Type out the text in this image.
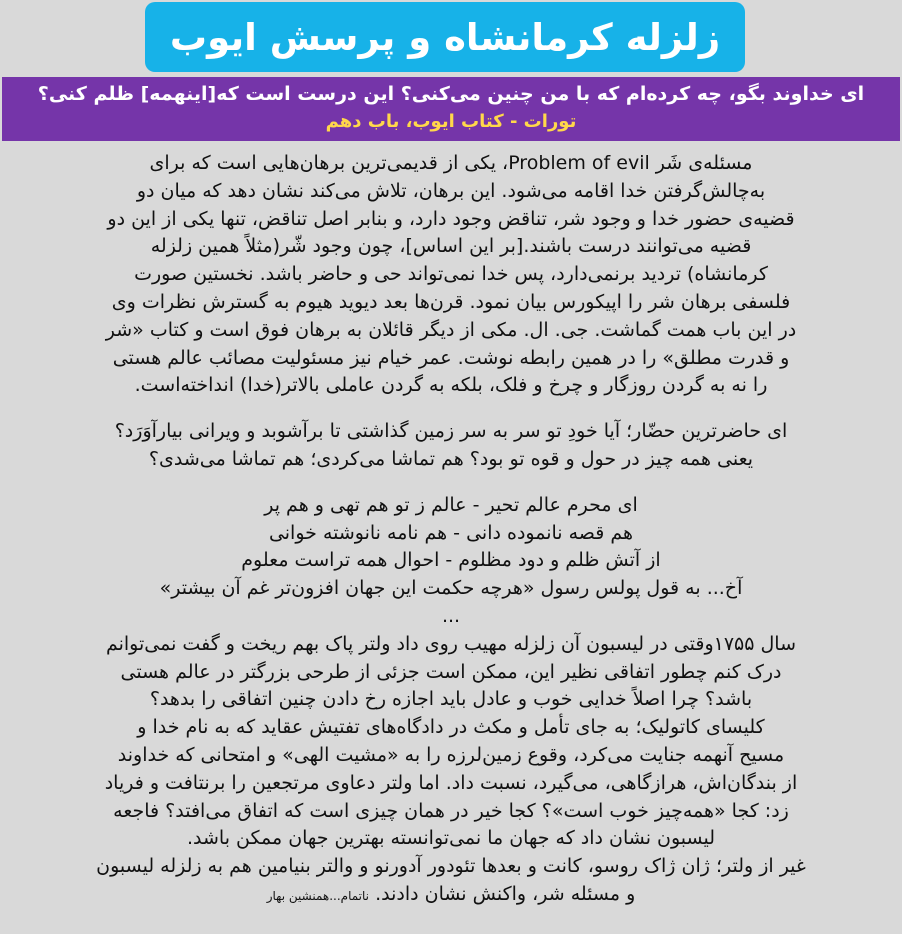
زلزله کرمانشاه و پرسش ایوب
ای خداوند بگو، چه کرده‌ام که با من چنین می‌کنی؟ این درست است که[اینهمه] ظلم کنی؟
تورات - کتاب ایوب، باب دهم

مسئله‌ی شَر Problem of evil، یکی از قدیمی‌ترین برهان‌هایی است که برای

به‌چالش‌گرفتن خدا اقامه می‌شود. این برهان، تلاش می‌کند نشان دهد که میان دو

قضیه‌ی حضور خدا و وجود شر، تناقض وجود دارد، و بنابر اصل تناقض، تنها یکی از این دو

قضیه می‌توانند درست باشند.[بر این اساس]، چون وجود شّر(مثلاً همین زلزله

کرمانشاه) تردید برنمی‌دارد، پس خدا نمی‌تواند حی و حاضر باشد. نخستین صورت

فلسفی برهان شر را اپیکورس بیان نمود. قرن‌ها بعد دیوید هیوم به گسترش نظرات وی

در این باب همت گماشت. جی. ال. مکی از دیگر قائلان به برهان فوق است و کتاب «شر

و قدرت مطلق» را در همین رابطه نوشت. عمر خیام نیز مسئولیت مصائب عالم هستی

را نه به گردن روزگار و چرخ و فلک، بلکه به گردن عاملی بالاتر(خدا) انداخته‌است.

ای حاضرترین حضّار؛ آیا خودِ تو سر به سر زمین گذاشتی تا برآشوبد و ویرانی بیارآوَرَد؟

یعنی همه چیز در حول و قوه تو بود؟ هم تماشا می‌کردی؛ هم تماشا می‌شدی؟

ای محرم عالم تحیر - عالم ز تو هم تهی و هم پر

هم قصه نانموده دانی - هم نامه نانوشته خوانی

از آتش ظلم و دود مظلوم - احوال همه تراست معلوم

آخ... به قول پولس رسول «هرچه حکمت این جهان افزون‌تر غم آن بیشتر»

...

سال ۱۷۵۵وقتی در لیسبون آن زلزله مهیب روی داد ولتر پاک بهم ریخت و گفت نمی‌توانم

درک کنم چطور اتفاقی نظیر این، ممکن است جزئی از طرحی بزرگتر در عالم هستی

باشد؟ چرا اصلاً خدایی خوب و عادل باید اجازه رخ دادن چنین اتفاقی را بدهد؟

کلیسای کاتولیک؛ به جای تأمل و مکث در دادگاه‌های تفتیش عقاید که به نام خدا و

مسیح آنهمه جنایت می‌کرد، وقوع زمین‌لرزه را به «مشیت الهی» و امتحانی که خداوند

از بندگان‌اش، هرازگاهی، می‌گیرد، نسبت داد. اما ولتر دعاوی مرتجعین را برنتافت و فریاد

زد: کجا «همه‌چیز خوب است»؟ کجا خیر در همان چیزی است که اتفاق می‌افتد؟ فاجعه

لیسبون نشان داد که جهان ما نمی‌توانسته بهترین جهان ممکن باشد.

غیر از ولتر؛ ژان ژاک روسو، کانت و بعدها تئودور آدورنو و والتر بنیامین هم به زلزله لیسبون

و مسئله شر، واکنش نشان دادند. ناتمام...همنشین بهار
